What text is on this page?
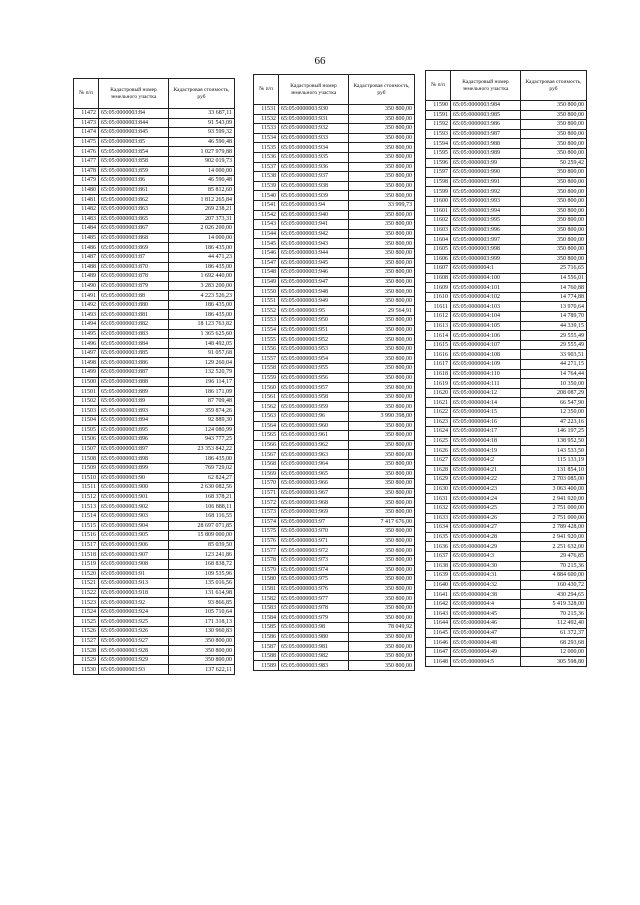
66
№ п/п	Кадастровый номер земельного участка	Кадастровая стоимость, руб
11472	65:05:0000003:84	33 687,11
11473	65:05:0000003:844	91 543,09
11474	65:05:0000003:845	93 599,32
11475	65:05:0000003:85	46 590,48
11476	65:05:0000003:854	1 027 979,88
11477	65:05:0000003:858	902 019,73
11478	65:05:0000003:859	14 000,00
11479	65:05:0000003:86	46 590,48
11480	65:05:0000003:861	85 812,60
11481	65:05:0000003:862	1 812 265,84
11482	65:05:0000003:863	269 238,21
11483	65:05:0000003:865	207 373,31
11484	65:05:0000003:867	2 026 200,00
11485	65:05:0000003:868	14 000,00
11486	65:05:0000003:869	186 435,00
11487	65:05:0000003:87	44 471,23
11488	65:05:0000003:870	186 435,00
11489	65:05:0000003:878	1 692 440,00
11490	65:05:0000003:879	3 283 200,00
11491	65:05:0000003:88	4 223 526,23
11492	65:05:0000003:880	186 435,00
11493	65:05:0000003:881	186 435,00
11494	65:05:0000003:882	18 123 763,82
11495	65:05:0000003:883	1 365 625,60
11496	65:05:0000003:884	148 492,05
11497	65:05:0000003:885	91 057,68
11498	65:05:0000003:886	129 260,04
11499	65:05:0000003:887	132 520,79
11500	65:05:0000003:888	196 114,17
11501	65:05:0000003:889	186 171,09
11502	65:05:0000003:89	87 709,48
11503	65:05:0000003:893	359 874,26
11504	65:05:0000003:894	92 889,30
11505	65:05:0000003:895	124 080,99
11506	65:05:0000003:896	943 777,25
11507	65:05:0000003:897	23 353 842,22
11508	65:05:0000003:898	186 435,00
11509	65:05:0000003:899	769 729,02
11510	65:05:0000003:90	62 824,27
11511	65:05:0000003:900	2 630 082,56
11512	65:05:0000003:901	168 378,21
11513	65:05:0000003:902	106 888,11
11514	65:05:0000003:903	168 116,55
11515	65:05:0000003:904	28 697 071,85
11516	65:05:0000003:905	15 809 000,00
11517	65:05:0000003:906	85 039,50
11518	65:05:0000003:907	123 241,86
11519	65:05:0000003:908	168 838,72
11520	65:05:0000003:91	109 535,96
11521	65:05:0000003:913	135 016,56
11522	65:05:0000003:918	131 614,98
11523	65:05:0000003:92	93 866,85
11524	65:05:0000003:924	105 710,64
11525	65:05:0000003:925	171 318,13
11526	65:05:0000003:926	130 960,83
11527	65:05:0000003:927	350 800,00
11528	65:05:0000003:928	350 800,00
11529	65:05:0000003:929	350 800,00
11530	65:05:0000003:93	137 622,11
№ п/п	Кадастровый номер земельного участка	Кадастровая стоимость, руб
11531	65:05:0000003:930	350 800,00
11532	65:05:0000003:931	350 800,00
11533	65:05:0000003:932	350 800,00
11534	65:05:0000003:933	350 800,00
11535	65:05:0000003:934	350 800,00
11536	65:05:0000003:935	350 800,00
11537	65:05:0000003:936	350 800,00
11538	65:05:0000003:937	350 800,00
11539	65:05:0000003:938	350 800,00
11540	65:05:0000003:939	350 800,00
11541	65:05:0000003:94	33 999,73
11542	65:05:0000003:940	350 800,00
11543	65:05:0000003:941	350 800,00
11544	65:05:0000003:942	350 800,00
11545	65:05:0000003:943	350 800,00
11546	65:05:0000003:944	350 800,00
11547	65:05:0000003:945	350 800,00
11548	65:05:0000003:946	350 800,00
11549	65:05:0000003:947	350 800,00
11550	65:05:0000003:948	350 800,00
11551	65:05:0000003:949	350 800,00
11552	65:05:0000003:95	29 564,91
11553	65:05:0000003:950	350 800,00
11554	65:05:0000003:951	350 800,00
11555	65:05:0000003:952	350 800,00
11556	65:05:0000003:953	350 800,00
11557	65:05:0000003:954	350 800,00
11558	65:05:0000003:955	350 800,00
11559	65:05:0000003:956	350 800,00
11560	65:05:0000003:957	350 800,00
11561	65:05:0000003:958	350 800,00
11562	65:05:0000003:959	350 800,00
11563	65:05:0000003:96	3 990 398,00
11564	65:05:0000003:960	350 800,00
11565	65:05:0000003:961	350 800,00
11566	65:05:0000003:962	350 800,00
11567	65:05:0000003:963	350 800,00
11568	65:05:0000003:964	350 800,00
11569	65:05:0000003:965	350 800,00
11570	65:05:0000003:966	350 800,00
11571	65:05:0000003:967	350 800,00
11572	65:05:0000003:968	350 800,00
11573	65:05:0000003:969	350 800,00
11574	65:05:0000003:97	7 417 676,00
11575	65:05:0000003:970	350 800,00
11576	65:05:0000003:971	350 800,00
11577	65:05:0000003:972	350 800,00
11578	65:05:0000003:973	350 800,00
11579	65:05:0000003:974	350 800,00
11580	65:05:0000003:975	350 800,00
11581	65:05:0000003:976	350 800,00
11582	65:05:0000003:977	350 800,00
11583	65:05:0000003:978	350 800,00
11584	65:05:0000003:979	350 800,00
11585	65:05:0000003:98	78 049,92
11586	65:05:0000003:980	350 800,00
11587	65:05:0000003:981	350 800,00
11588	65:05:0000003:982	350 800,00
11589	65:05:0000003:983	350 800,00
№ п/п	Кадастровый номер земельного участка	Кадастровая стоимость, руб
11590	65:05:0000003:984	350 800,00
11591	65:05:0000003:985	350 800,00
11592	65:05:0000003:986	350 800,00
11593	65:05:0000003:987	350 800,00
11594	65:05:0000003:988	350 800,00
11595	65:05:0000003:989	350 800,00
11596	65:05:0000003:99	50 259,42
11597	65:05:0000003:990	350 800,00
11598	65:05:0000003:991	350 800,00
11599	65:05:0000003:992	350 800,00
11600	65:05:0000003:993	350 800,00
11601	65:05:0000003:994	350 800,00
11602	65:05:0000003:995	350 800,00
11603	65:05:0000003:996	350 800,00
11604	65:05:0000003:997	350 800,00
11605	65:05:0000003:998	350 800,00
11606	65:05:0000003:999	350 800,00
11607	65:05:0000004:1	25 716,65
11608	65:05:0000004:100	14 556,01
11609	65:05:0000004:101	14 760,88
11610	65:05:0000004:102	14 774,88
11611	65:05:0000004:103	13 970,64
11612	65:05:0000004:104	14 789,70
11613	65:05:0000004:105	44 339,15
11614	65:05:0000004:106	29 555,49
11615	65:05:0000004:107	29 555,49
11616	65:05:0000004:108	33 903,51
11617	65:05:0000004:109	44 271,15
11618	65:05:0000004:110	14 764,44
11619	65:05:0000004:111	10 350,00
11620	65:05:0000004:12	208 087,29
11621	65:05:0000004:14	66 547,90
11622	65:05:0000004:15	12 350,00
11623	65:05:0000004:16	47 223,16
11624	65:05:0000004:17	146 197,25
11625	65:05:0000004:18	138 952,50
11626	65:05:0000004:19	143 533,50
11627	65:05:0000004:2	115 133,19
11628	65:05:0000004:21	131 854,10
11629	65:05:0000004:22	2 703 085,00
11630	65:05:0000004:23	3 063 400,00
11631	65:05:0000004:24	2 941 920,00
11632	65:05:0000004:25	2 751 000,00
11633	65:05:0000004:26	2 751 000,00
11634	65:05:0000004:27	2 789 428,00
11635	65:05:0000004:28	2 941 920,00
11636	65:05:0000004:29	2 251 632,00
11637	65:05:0000004:3	29 476,85
11638	65:05:0000004:30	70 215,36
11639	65:05:0000004:31	4 884 600,00
11640	65:05:0000004:32	160 430,72
11641	65:05:0000004:38	430 294,65
11642	65:05:0000004:4	5 419 328,00
11643	65:05:0000004:45	70 215,36
11644	65:05:0000004:46	112 492,40
11645	65:05:0000004:47	61 372,37
11646	65:05:0000004:48	68 293,68
11647	65:05:0000004:49	12 000,00
11648	65:05:0000004:5	305 598,80
